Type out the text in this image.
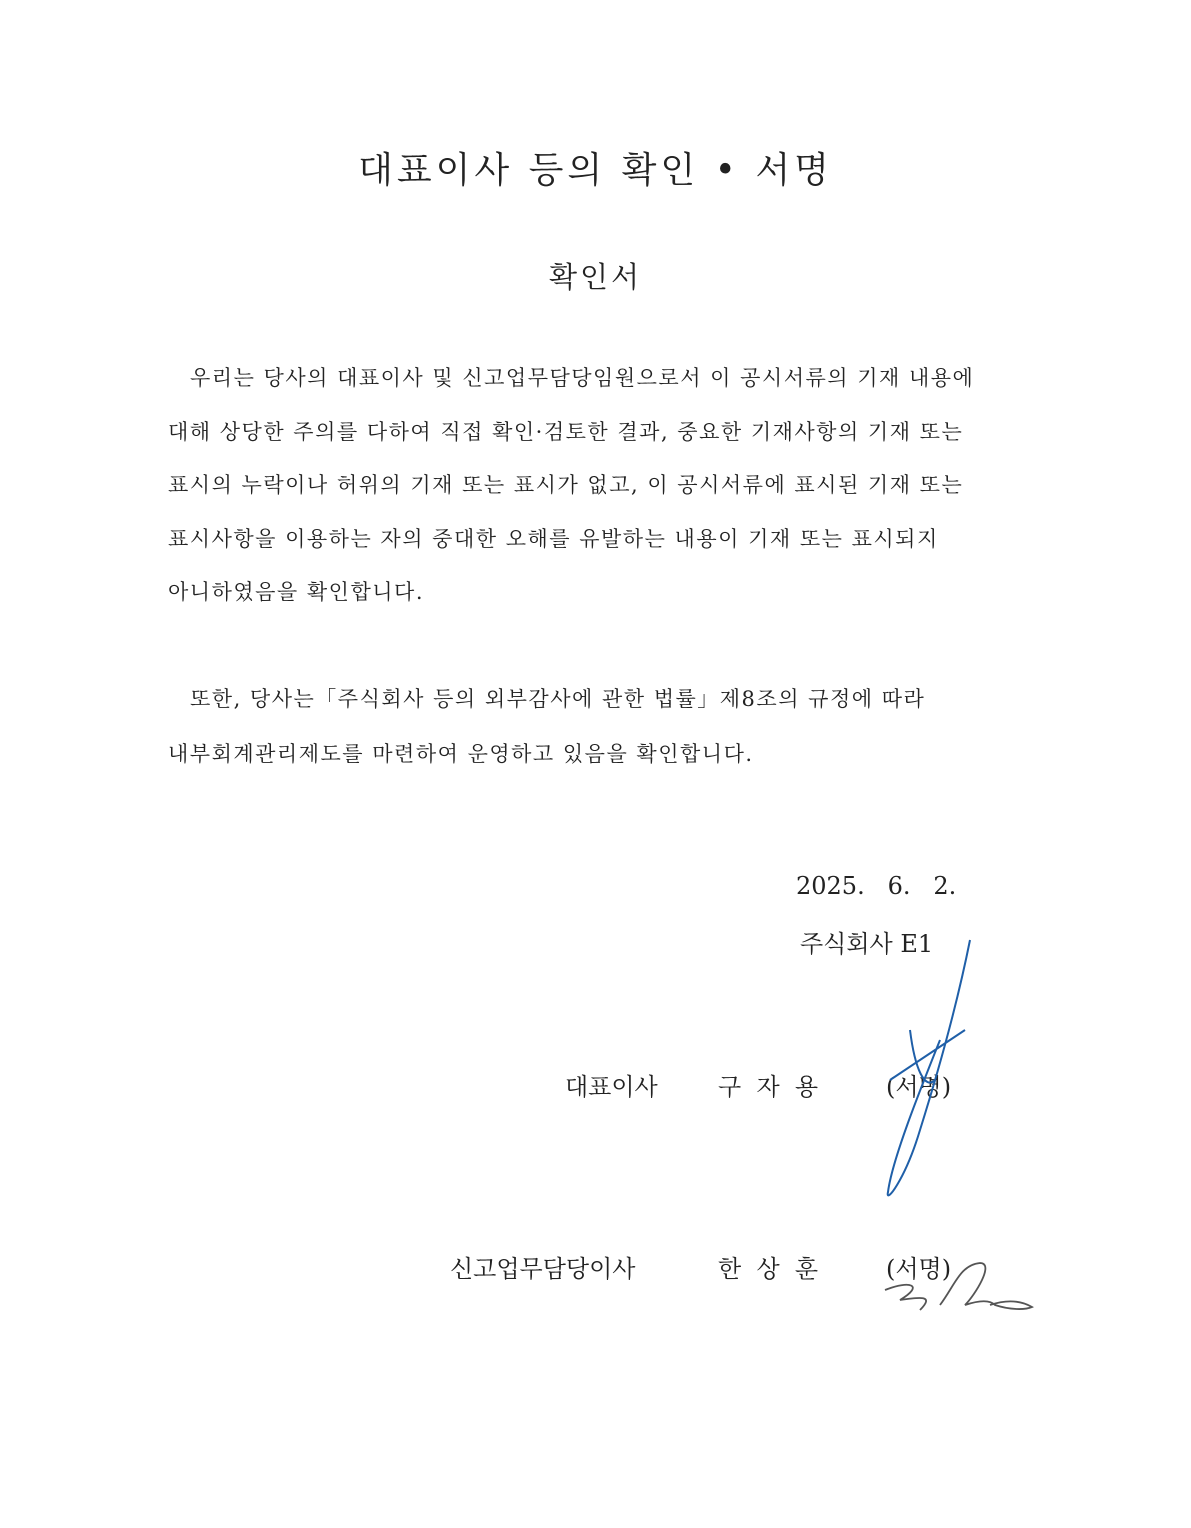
대표이사 등의 확인 • 서명
확인서
우리는 당사의 대표이사 및 신고업무담당임원으로서 이 공시서류의 기재 내용에
대해 상당한 주의를 다하여 직접 확인·검토한 결과, 중요한 기재사항의 기재 또는
표시의 누락이나 허위의 기재 또는 표시가 없고, 이 공시서류에 표시된 기재 또는
표시사항을 이용하는 자의 중대한 오해를 유발하는 내용이 기재 또는 표시되지
아니하였음을 확인합니다.
또한, 당사는「주식회사 등의 외부감사에 관한 법률」제8조의 규정에 따라
내부회계관리제도를 마련하여 운영하고 있음을 확인합니다.
2025.   6.   2.
주식회사 E1
대표이사	구  자  용	(서명)
신고업무담당이사	한  상  훈	(서명)
